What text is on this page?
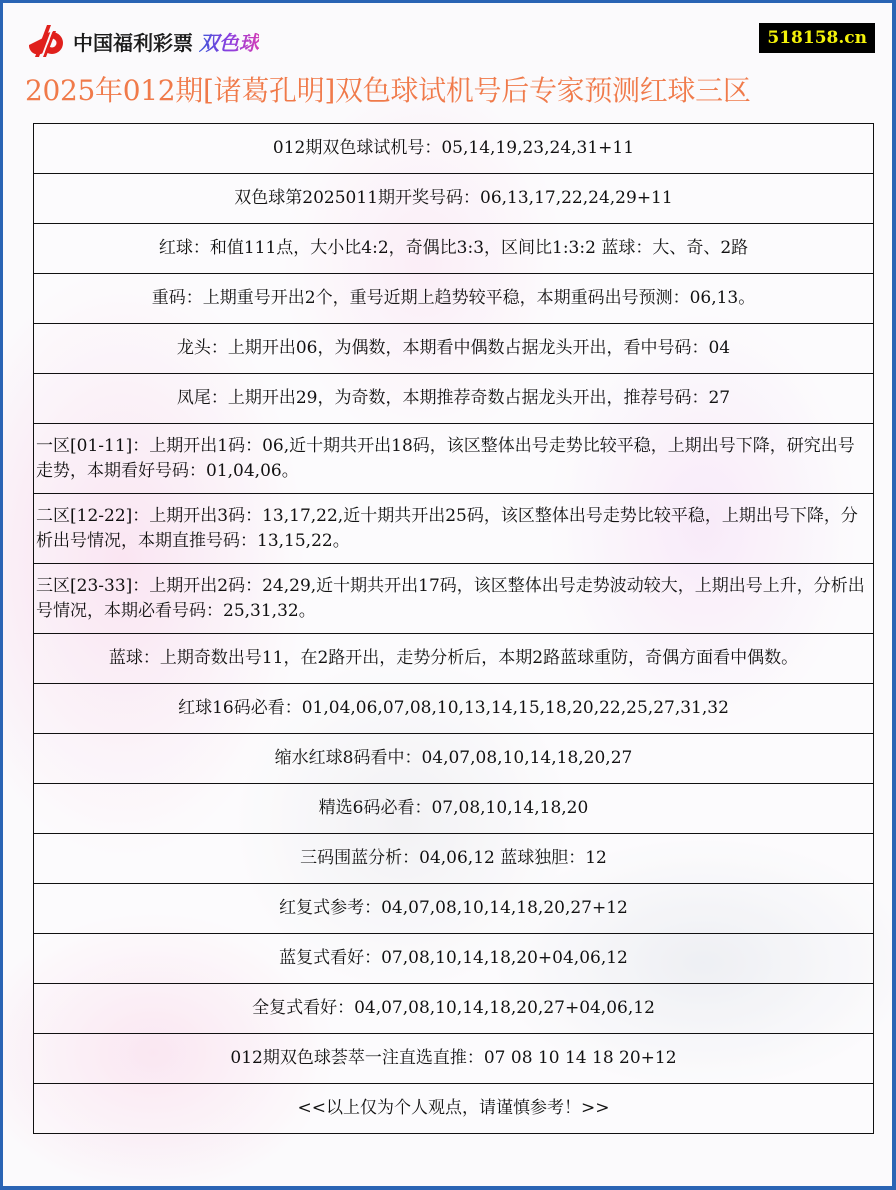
中国福利彩票 双色球	518158.cn
2025年012期[诸葛孔明]双色球试机号后专家预测红球三区
012期双色球试机号：05,14,19,23,24,31+11
双色球第2025011期开奖号码：06,13,17,22,24,29+11
红球：和值111点，大小比4:2，奇偶比3:3，区间比1:3:2 蓝球：大、奇、2路
重码：上期重号开出2个，重号近期上趋势较平稳，本期重码出号预测：06,13。
龙头：上期开出06，为偶数，本期看中偶数占据龙头开出，看中号码：04
凤尾：上期开出29，为奇数，本期推荐奇数占据龙头开出，推荐号码：27
一区[01-11]：上期开出1码：06,近十期共开出18码，该区整体出号走势比较平稳，上期出号下降，研究出号走势，本期看好号码：01,04,06。
二区[12-22]：上期开出3码：13,17,22,近十期共开出25码，该区整体出号走势比较平稳，上期出号下降，分析出号情况，本期直推号码：13,15,22。
三区[23-33]：上期开出2码：24,29,近十期共开出17码，该区整体出号走势波动较大，上期出号上升，分析出号情况，本期必看号码：25,31,32。
蓝球：上期奇数出号11，在2路开出，走势分析后，本期2路蓝球重防，奇偶方面看中偶数。
红球16码必看：01,04,06,07,08,10,13,14,15,18,20,22,25,27,31,32
缩水红球8码看中：04,07,08,10,14,18,20,27
精选6码必看：07,08,10,14,18,20
三码围蓝分析：04,06,12 蓝球独胆：12
红复式参考：04,07,08,10,14,18,20,27+12
蓝复式看好：07,08,10,14,18,20+04,06,12
全复式看好：04,07,08,10,14,18,20,27+04,06,12
012期双色球荟萃一注直选直推：07 08 10 14 18 20+12
<<以上仅为个人观点，请谨慎参考！>>
